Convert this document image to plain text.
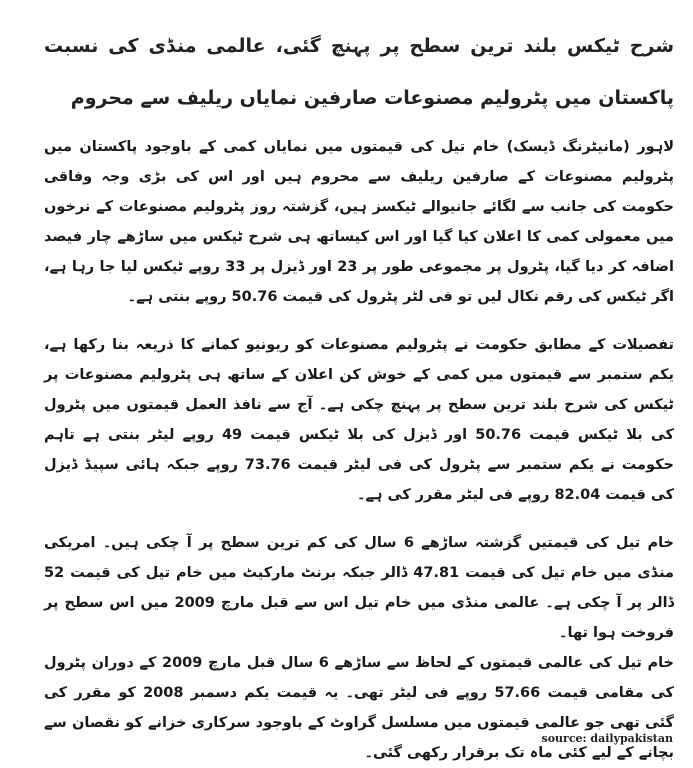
شرح ٹیکس بلند ترین سطح پر پہنچ گئی، عالمی منڈی کی نسبت پاکستان میں پٹرولیم مصنوعات صارفین نمایاں ریلیف سے محروم
لاہور (مانیٹرنگ ڈیسک) خام تیل کی قیمتوں میں نمایاں کمی کے باوجود پاکستان میں پٹرولیم مصنوعات کے صارفین ریلیف سے محروم ہیں اور اس کی بڑی وجہ وفاقی حکومت کی جانب سے لگائے جانیوالے ٹیکسز ہیں، گزشتہ روز پٹرولیم مصنوعات کے نرخوں میں معمولی کمی کا اعلان کیا گیا اور اس کیساتھ ہی شرح ٹیکس میں ساڑھے چار فیصد اضافہ کر دیا گیا، پٹرول پر مجموعی طور پر 23 اور ڈیزل پر 33 روپے ٹیکس لیا جا رہا ہے، اگر ٹیکس کی رقم نکال لیں تو فی لٹر پٹرول کی قیمت 50.76 روپے بنتی ہے۔
تفصیلات کے مطابق حکومت نے پٹرولیم مصنوعات کو ریونیو کمانے کا ذریعہ بنا رکھا ہے، یکم ستمبر سے قیمتوں میں کمی کے خوش کن اعلان کے ساتھ ہی پٹرولیم مصنوعات پر ٹیکس کی شرح بلند ترین سطح پر پہنچ چکی ہے۔ آج سے نافذ العمل قیمتوں میں پٹرول کی بلا ٹیکس قیمت 50.76 اور ڈیزل کی بلا ٹیکس قیمت 49 روپے لیٹر بنتی ہے تاہم حکومت نے یکم ستمبر سے پٹرول کی فی لیٹر قیمت 73.76 روپے جبکہ ہائی سپیڈ ڈیزل کی قیمت 82.04 روپے فی لیٹر مقرر کی ہے۔
خام تیل کی قیمتیں گزشتہ ساڑھے 6 سال کی کم ترین سطح پر آ چکی ہیں۔ امریکی منڈی میں خام تیل کی قیمت 47.81 ڈالر جبکہ برنٹ مارکیٹ میں خام تیل کی قیمت 52 ڈالر پر آ چکی ہے۔ عالمی منڈی میں خام تیل اس سے قبل مارچ 2009 میں اس سطح پر فروخت ہوا تھا۔
خام تیل کی عالمی قیمتوں کے لحاظ سے ساڑھے 6 سال قبل مارچ 2009 کے دوران پٹرول کی مقامی قیمت 57.66 روپے فی لیٹر تھی۔ یہ قیمت یکم دسمبر 2008 کو مقرر کی گئی تھی جو عالمی قیمتوں میں مسلسل گراوٹ کے باوجود سرکاری خزانے کو نقصان سے بچانے کے لیے کئی ماہ تک برقرار رکھی گئی۔
source: dailypakistan
